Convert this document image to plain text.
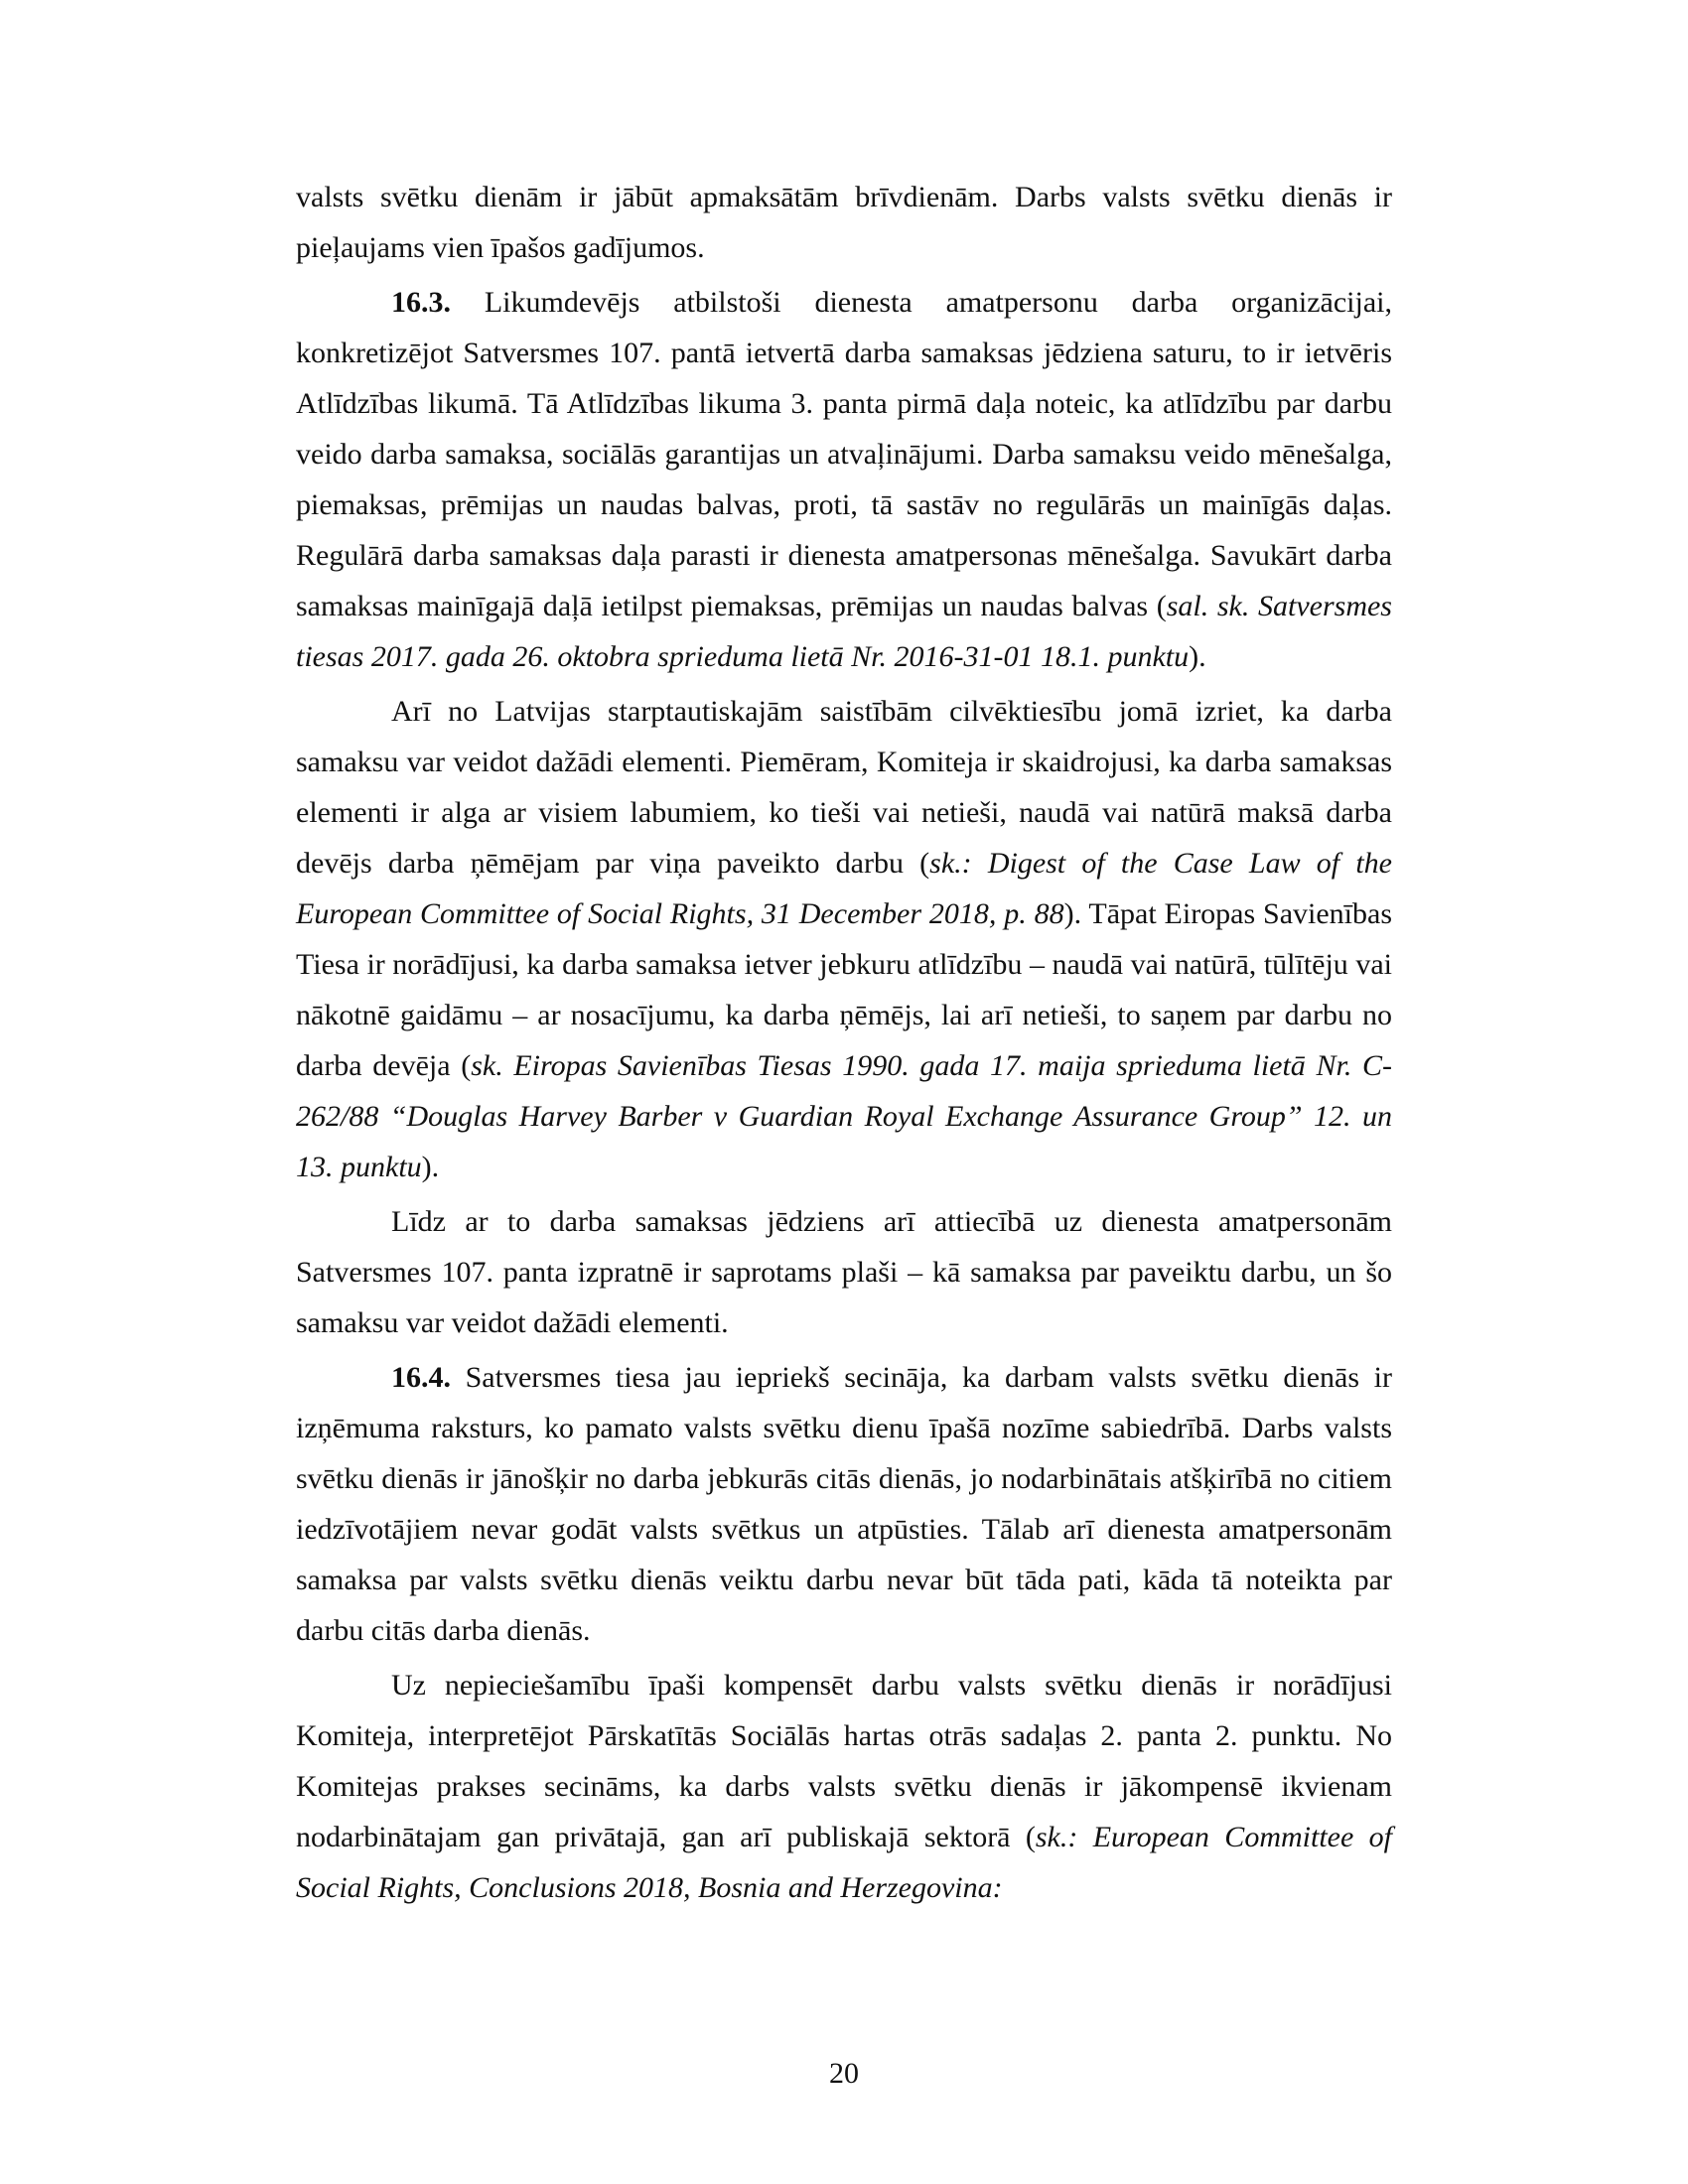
valsts svētku dienām ir jābūt apmaksātām brīvdienām. Darbs valsts svētku dienās ir pieļaujams vien īpašos gadījumos.

16.3. Likumdevējs atbilstoši dienesta amatpersonu darba organizācijai, konkretizējot Satversmes 107. pantā ietvertā darba samaksas jēdziena saturu, to ir ietvēris Atlīdzības likumā. Tā Atlīdzības likuma 3. panta pirmā daļa noteic, ka atlīdzību par darbu veido darba samaksa, sociālās garantijas un atvaļinājumi. Darba samaksu veido mēnešalga, piemaksas, prēmijas un naudas balvas, proti, tā sastāv no regulārās un mainīgās daļas. Regulārā darba samaksas daļa parasti ir dienesta amatpersonas mēnešalga. Savukārt darba samaksas mainīgajā daļā ietilpst piemaksas, prēmijas un naudas balvas (sal. sk. Satversmes tiesas 2017. gada 26. oktobra sprieduma lietā Nr. 2016-31-01 18.1. punktu).

Arī no Latvijas starptautiskajām saistībām cilvēktiesību jomā izriet, ka darba samaksu var veidot dažādi elementi. Piemēram, Komiteja ir skaidrojusi, ka darba samaksas elementi ir alga ar visiem labumiem, ko tieši vai netieši, naudā vai natūrā maksā darba devējs darba ņēmējam par viņa paveikto darbu (sk.: Digest of the Case Law of the European Committee of Social Rights, 31 December 2018, p. 88). Tāpat Eiropas Savienības Tiesa ir norādījusi, ka darba samaksa ietver jebkuru atlīdzību – naudā vai natūrā, tūlītēju vai nākotnē gaidāmu – ar nosacījumu, ka darba ņēmējs, lai arī netieši, to saņem par darbu no darba devēja (sk. Eiropas Savienības Tiesas 1990. gada 17. maija sprieduma lietā Nr. C-262/88 “Douglas Harvey Barber v Guardian Royal Exchange Assurance Group” 12. un 13. punktu).

Līdz ar to darba samaksas jēdziens arī attiecībā uz dienesta amatpersonām Satversmes 107. panta izpratnē ir saprotams plaši – kā samaksa par paveiktu darbu, un šo samaksu var veidot dažādi elementi.

16.4. Satversmes tiesa jau iepriekš secināja, ka darbam valsts svētku dienās ir izņēmuma raksturs, ko pamato valsts svētku dienu īpašā nozīme sabiedrībā. Darbs valsts svētku dienās ir jānošķir no darba jebkurās citās dienās, jo nodarbinātais atšķirībā no citiem iedzīvotājiem nevar godāt valsts svētkus un atpūsties. Tālab arī dienesta amatpersonām samaksa par valsts svētku dienās veiktu darbu nevar būt tāda pati, kāda tā noteikta par darbu citās darba dienās.

Uz nepieciešamību īpaši kompensēt darbu valsts svētku dienās ir norādījusi Komiteja, interpretējot Pārskatītās Sociālās hartas otrās sadaļas 2. panta 2. punktu. No Komitejas prakses secināms, ka darbs valsts svētku dienās ir jākompensē ikvienam nodarbinātajam gan privātajā, gan arī publiskajā sektorā (sk.: European Committee of Social Rights, Conclusions 2018, Bosnia and Herzegovina:

20
